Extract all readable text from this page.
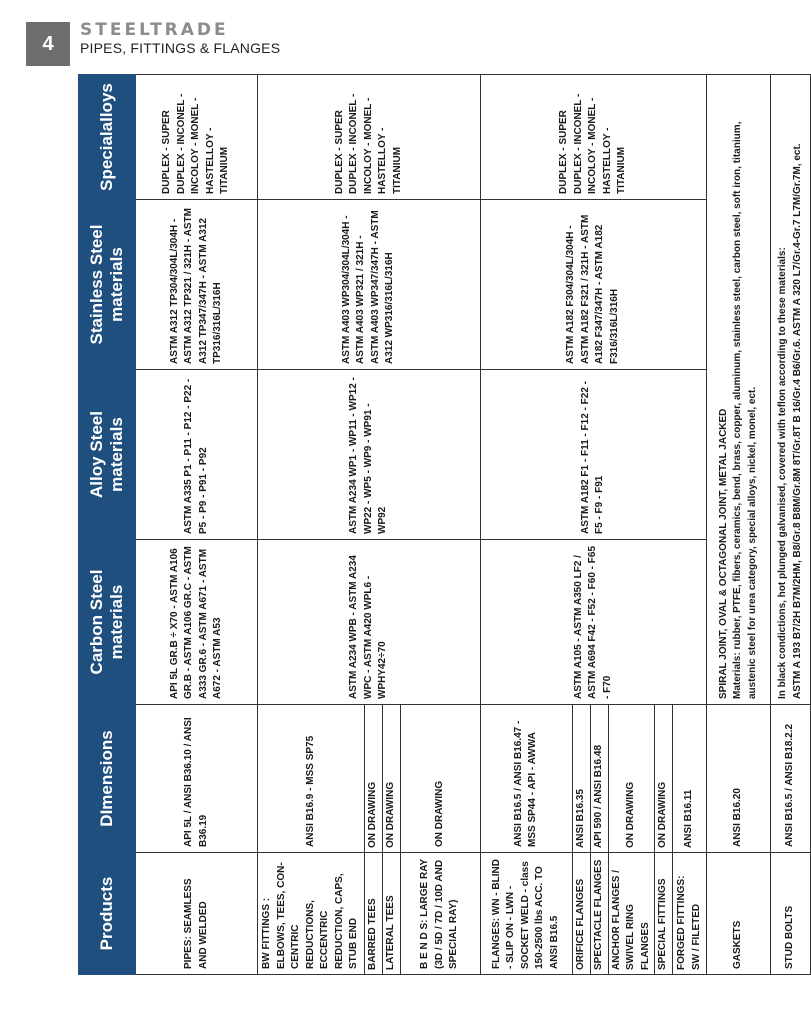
4
STEELTRADE
PIPES, FITTINGS & FLANGES
Products	DImensions	Carbon Steel materials	Alloy Steel materials	Stainless Steel materials	Specialalloys
PIPES: SEAMLESS AND WELDED	API 5L / ANSI B36.10 / ANSI B36.19	API 5L GR.B ÷ X70 - ASTM A106 GR.B - ASTM A106 GR.C - ASTM A333 GR.6 - ASTM A671 - ASTM A672 - ASTM A53	ASTM A335 P1 - P11 - P12 - P22 - P5 - P9 - P91 - P92	ASTM A312 TP304/304L/304H - ASTM A312 TP321 / 321H - ASTM A312 TP347/347H - ASTM A312 TP316/316L/316H	DUPLEX - SUPER DUPLEX - INCONEL - INCOLOY - MONEL - HASTELLOY - TITANIUM
BW FITTINGS : ELBOWS, TEES, CON-CENTRIC REDUCTIONS, ECCENTRIC REDUCTION, CAPS, STUB END	ANSI B16.9 - MSS SP75	ASTM A234 WPB - ASTM A234 WPC - ASTM A420 WPL6 - WPHY42÷70	ASTM A234 WP1 - WP11 - WP12 - WP22 - WP5 - WP9 - WP91 - WP92	ASTM A403 WP304/304L/304H - ASTM A403 WP321 / 321H - ASTM A403 WP347/347H - ASTM A312 WP316/316L/316H	DUPLEX - SUPER DUPLEX - INCONEL - INCOLOY - MONEL - HASTELLOY - TITANIUM
BARRED TEES	ON DRAWING				
LATERAL TEES	ON DRAWING				
B E N D S: LARGE RAY (3D / 5D / 7D / 10D AND SPECIAL RAY)	ON DRAWING				
FLANGES: WN - BLIND - SLIP ON - LWN - SOCKET WELD - class 150-2500 lbs ACC. TO ANSI B16.5	ANSI B16.5 / ANSI B16.47 - MSS SP44 - API - AWWA	ASTM A105 - ASTM A350 LF2 / ASTM A694 F42 - F52 - F60 - F65 - F70	ASTM A182 F1 - F11 - F12 - F22 - F5 - F9 - F91	ASTM A182 F304/304L/304H - ASTM A182 F321 / 321H - ASTM A182 F347/347H - ASTM A182 F316/316L/316H	DUPLEX - SUPER DUPLEX - INCONEL - INCOLOY - MONEL - HASTELLOY - TITANIUM
ORIFICE FLANGES	ANSI B16.35				
SPECTACLE FLANGES	API 590 / ANSI B16.48				
ANCHOR FLANGES / SWIVEL RING FLANGES	ON DRAWING				
SPECIAL FITTINGS	ON DRAWING				
FORGED FITTINGS: SW / FILETED	ANSI B16.11				
GASKETS	ANSI B16.20	SPIRAL JOINT, OVAL & OCTAGONAL JOINT, METAL JACKED Materials: rubber, PTFE, fibers, ceramics, bend, brass, copper, aluminum, stainless steel, carbon steel, soft iron, titanium, austenic steel for urea category, special alloys, nickel, monel, ect.			

STUD BOLTS	ANSI B16.5 / ANSI B18.2.2	In black condictions, hot plunged galvanised, covered with teflon according to these materials: ASTM A 193 B7/2H B7M/2HM, B8/Gr.8 B8M/Gr.8M 8T/Gr.8T B 16/Gr.4 B6/Gr.6. ASTM A 320 L7/Gr.4-Gr.7 L7M/Gr.7M, ect.			
